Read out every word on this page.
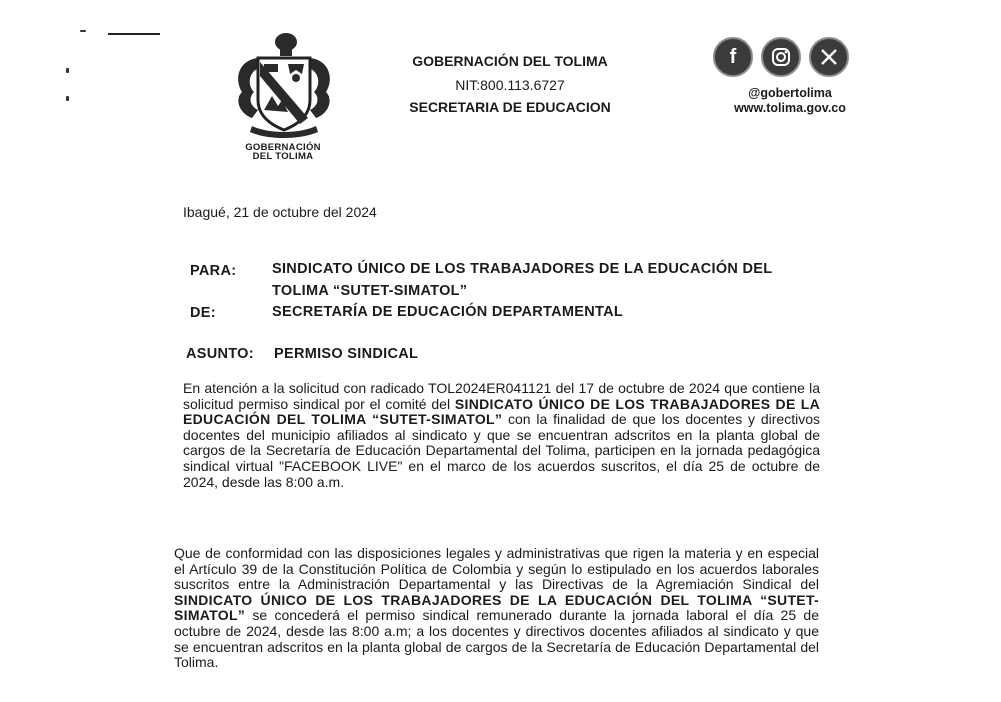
GOBERNACIÓN
DEL TOLIMA
GOBERNACIÓN DEL TOLIMA
NIT:800.113.6727
SECRETARIA DE EDUCACION
f
@gobertolima
www.tolima.gov.co
Ibagué, 21 de octubre del 2024
PARA: SINDICATO ÚNICO DE LOS TRABAJADORES DE LA EDUCACIÓN DEL
TOLIMA “SUTET-SIMATOL”
DE:	SECRETARÍA DE EDUCACIÓN DEPARTAMENTAL
ASUNTO: PERMISO SINDICAL

En atención a la solicitud con radicado TOL2024ER041121 del 17 de octubre de 2024 que contiene la solicitud permiso sindical por el comité del SINDICATO ÚNICO DE LOS TRABAJADORES DE LA EDUCACIÓN DEL TOLIMA “SUTET-SIMATOL” con la finalidad de que los docentes y directivos docentes del municipio afiliados al sindicato y que se encuentran adscritos en la planta global de cargos de la Secretaría de Educación Departamental del Tolima, participen en la jornada pedagógica sindical virtual "FACEBOOK LIVE" en el marco de los acuerdos suscritos, el día 25 de octubre de 2024, desde las 8:00 a.m.

Que de conformidad con las disposiciones legales y administrativas que rigen la materia y en especial el Artículo 39 de la Constitución Política de Colombia y según lo estipulado en los acuerdos laborales suscritos entre la Administración Departamental y las Directivas de la Agremiación Sindical del SINDICATO ÚNICO DE LOS TRABAJADORES DE LA EDUCACIÓN DEL TOLIMA “SUTET-SIMATOL” se concederá el permiso sindical remunerado durante la jornada laboral el día 25 de octubre de 2024, desde las 8:00 a.m; a los docentes y directivos docentes afiliados al sindicato y que se encuentran adscritos en la planta global de cargos de la Secretaría de Educación Departamental del Tolima.
